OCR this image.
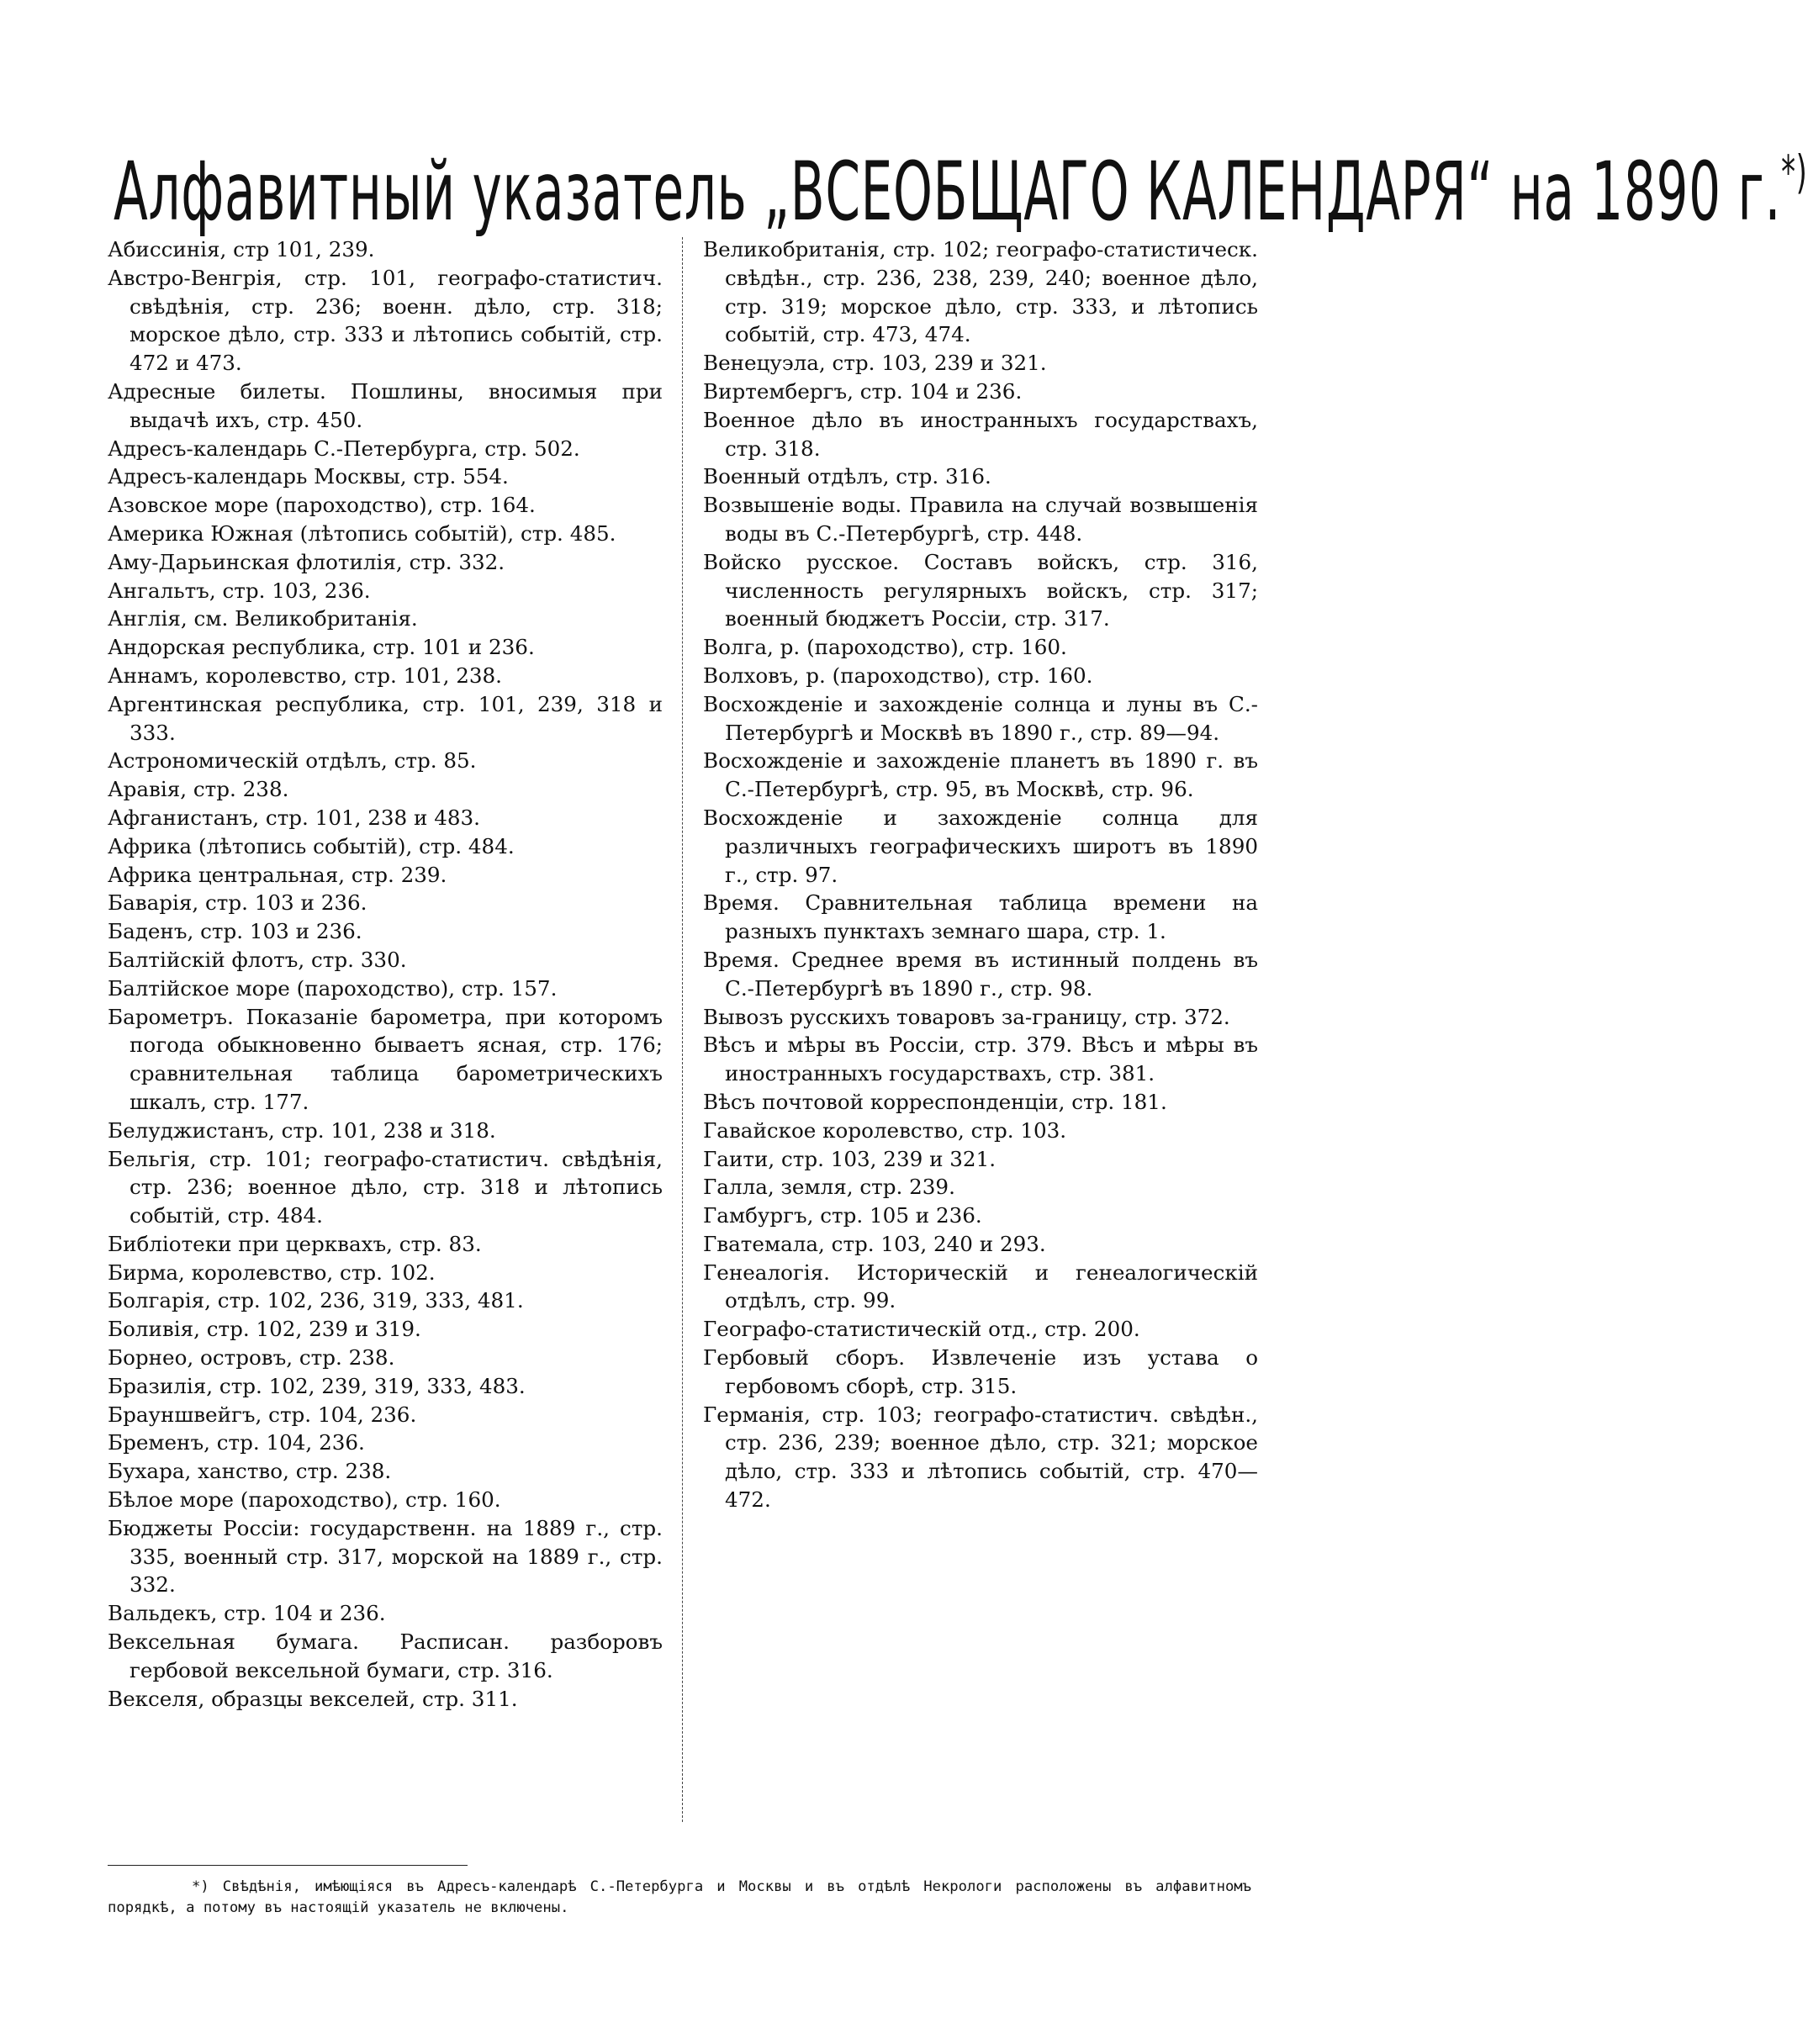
Алфавитный указатель „ВСЕОБЩАГО КАЛЕНДАРЯ“ на 1890 г.*)
Абиссинія, стр 101, 239.
Австро-Венгрія, стр. 101, географо-статистич. свѣдѣнія, стр. 236; военн. дѣло, стр. 318; морское дѣло, стр. 333 и лѣтопись событій, стр. 472 и 473.
Адресные билеты. Пошлины, вносимыя при выдачѣ ихъ, стр. 450.
Адресъ-календарь С.-Петербурга, стр. 502.
Адресъ-календарь Москвы, стр. 554.
Азовское море (пароходство), стр. 164.
Америка Южная (лѣтопись событій), стр. 485.
Аму-Дарьинская флотилія, стр. 332.
Ангальтъ, стр. 103, 236.
Англія, см. Великобританія.
Андорская республика, стр. 101 и 236.
Аннамъ, королевство, стр. 101, 238.
Аргентинская республика, стр. 101, 239, 318 и 333.
Астрономическій отдѣлъ, стр. 85.
Аравія, стр. 238.
Афганистанъ, стр. 101, 238 и 483.
Африка (лѣтопись событій), стр. 484.
Африка центральная, стр. 239.
Баварія, стр. 103 и 236.
Баденъ, стр. 103 и 236.
Балтійскій флотъ, стр. 330.
Балтійское море (пароходство), стр. 157.
Барометръ. Показаніе барометра, при которомъ погода обыкновенно бываетъ ясная, стр. 176; сравнительная таблица барометрическихъ шкалъ, стр. 177.
Белуджистанъ, стр. 101, 238 и 318.
Бельгія, стр. 101; географо-статистич. свѣдѣнія, стр. 236; военное дѣло, стр. 318 и лѣтопись событій, стр. 484.
Библіотеки при церквахъ, стр. 83.
Бирма, королевство, стр. 102.
Болгарія, стр. 102, 236, 319, 333, 481.
Боливія, стр. 102, 239 и 319.
Борнео, островъ, стр. 238.
Бразилія, стр. 102, 239, 319, 333, 483.
Брауншвейгъ, стр. 104, 236.
Бременъ, стр. 104, 236.
Бухара, ханство, стр. 238.
Бѣлое море (пароходство), стр. 160.
Бюджеты Россіи: государственн. на 1889 г., стр. 335, военный стр. 317, морской на 1889 г., стр. 332.
Вальдекъ, стр. 104 и 236.
Вексельная бумага. Расписан. разборовъ гербовой вексельной бумаги, стр. 316.
Векселя, образцы векселей, стр. 311.
Великобританія, стр. 102; географо-статистическ. свѣдѣн., стр. 236, 238, 239, 240; военное дѣло, стр. 319; морское дѣло, стр. 333, и лѣтопись событій, стр. 473, 474.
Венецуэла, стр. 103, 239 и 321.
Виртембергъ, стр. 104 и 236.
Военное дѣло въ иностранныхъ государствахъ, стр. 318.
Военный отдѣлъ, стр. 316.
Возвышеніе воды. Правила на случай возвышенія воды въ С.-Петербургѣ, стр. 448.
Войско русское. Составъ войскъ, стр. 316, численность регулярныхъ войскъ, стр. 317; военный бюджетъ Россіи, стр. 317.
Волга, р. (пароходство), стр. 160.
Волховъ, р. (пароходство), стр. 160.
Восхожденіе и захожденіе солнца и луны въ С.-Петербургѣ и Москвѣ въ 1890 г., стр. 89—94.
Восхожденіе и захожденіе планетъ въ 1890 г. въ С.-Петербургѣ, стр. 95, въ Москвѣ, стр. 96.
Восхожденіе и захожденіе солнца для различныхъ географическихъ широтъ въ 1890 г., стр. 97.
Время. Сравнительная таблица времени на разныхъ пунктахъ земнаго шара, стр. 1.
Время. Среднее время въ истинный полдень въ С.-Петербургѣ въ 1890 г., стр. 98.
Вывозъ русскихъ товаровъ за-границу, стр. 372.
Вѣсъ и мѣры въ Россіи, стр. 379. Вѣсъ и мѣры въ иностранныхъ государствахъ, стр. 381.
Вѣсъ почтовой корреспонденціи, стр. 181.
Гавайское королевство, стр. 103.
Гаити, стр. 103, 239 и 321.
Галла, земля, стр. 239.
Гамбургъ, стр. 105 и 236.
Гватемала, стр. 103, 240 и 293.
Генеалогія. Историческій и генеалогическій отдѣлъ, стр. 99.
Географо-статистическій отд., стр. 200.
Гербовый сборъ. Извлеченіе изъ устава о гербовомъ сборѣ, стр. 315.
Германія, стр. 103; географо-статистич. свѣдѣн., стр. 236, 239; военное дѣло, стр. 321; морское дѣло, стр. 333 и лѣтопись событій, стр. 470—472.

*) Свѣдѣнія, имѣющіяся въ Адресъ-календарѣ С.-Петербурга и Москвы и въ отдѣлѣ Некрологи расположены въ алфавитномъ порядкѣ, а потому въ настоящій указатель не включены.
